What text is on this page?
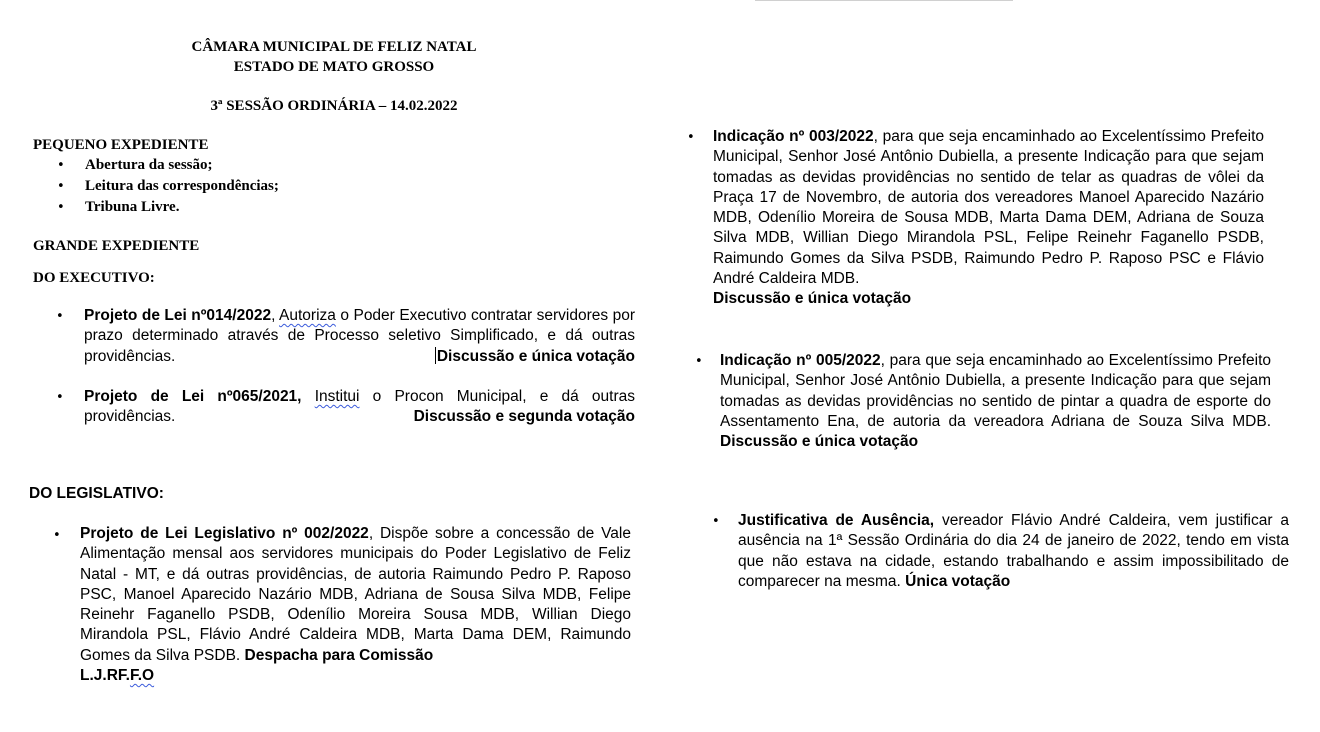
CÂMARA MUNICIPAL DE FELIZ NATAL
ESTADO DE MATO GROSSO
3ª SESSÃO ORDINÁRIA – 14.02.2022
PEQUENO EXPEDIENTE
• Abertura da sessão;
• Leitura das correspondências;
• Tribuna Livre.
GRANDE EXPEDIENTE
DO EXECUTIVO:
• Projeto de Lei nº014/2022, Autoriza o Poder Executivo contratar servidores por prazo determinado através de Processo seletivo Simplificado, e dá outras providências.	Discussão e única votação
• Projeto de Lei nº065/2021, Institui o Procon Municipal, e dá outras providências.	Discussão e segunda votação
DO LEGISLATIVO:
• Projeto de Lei Legislativo nº 002/2022, Dispõe sobre a concessão de Vale Alimentação mensal aos servidores municipais do Poder Legislativo de Feliz Natal - MT, e dá outras providências, de autoria Raimundo Pedro P. Raposo PSC, Manoel Aparecido Nazário MDB, Adriana de Sousa Silva MDB, Felipe Reinehr Faganello PSDB, Odenílio Moreira Sousa MDB, Willian Diego Mirandola PSL, Flávio André Caldeira MDB, Marta Dama DEM, Raimundo Gomes da Silva PSDB. Despacha para Comissão
L.J.RF.F.O
• Indicação nº 003/2022, para que seja encaminhado ao Excelentíssimo Prefeito Municipal, Senhor José Antônio Dubiella, a presente Indicação para que sejam tomadas as devidas providências no sentido de telar as quadras de vôlei da Praça 17 de Novembro, de autoria dos vereadores Manoel Aparecido Nazário MDB, Odenílio Moreira de Sousa MDB, Marta Dama DEM, Adriana de Souza Silva MDB, Willian Diego Mirandola PSL, Felipe Reinehr Faganello PSDB, Raimundo Gomes da Silva PSDB, Raimundo Pedro P. Raposo PSC e Flávio André Caldeira MDB.
Discussão e única votação
• Indicação nº 005/2022, para que seja encaminhado ao Excelentíssimo Prefeito Municipal, Senhor José Antônio Dubiella, a presente Indicação para que sejam tomadas as devidas providências no sentido de pintar a quadra de esporte do Assentamento Ena, de autoria da vereadora Adriana de Souza Silva MDB. Discussão e única votação
• Justificativa de Ausência, vereador Flávio André Caldeira, vem justificar a ausência na 1ª Sessão Ordinária do dia 24 de janeiro de 2022, tendo em vista que não estava na cidade, estando trabalhando e assim impossibilitado de comparecer na mesma. Única votação
